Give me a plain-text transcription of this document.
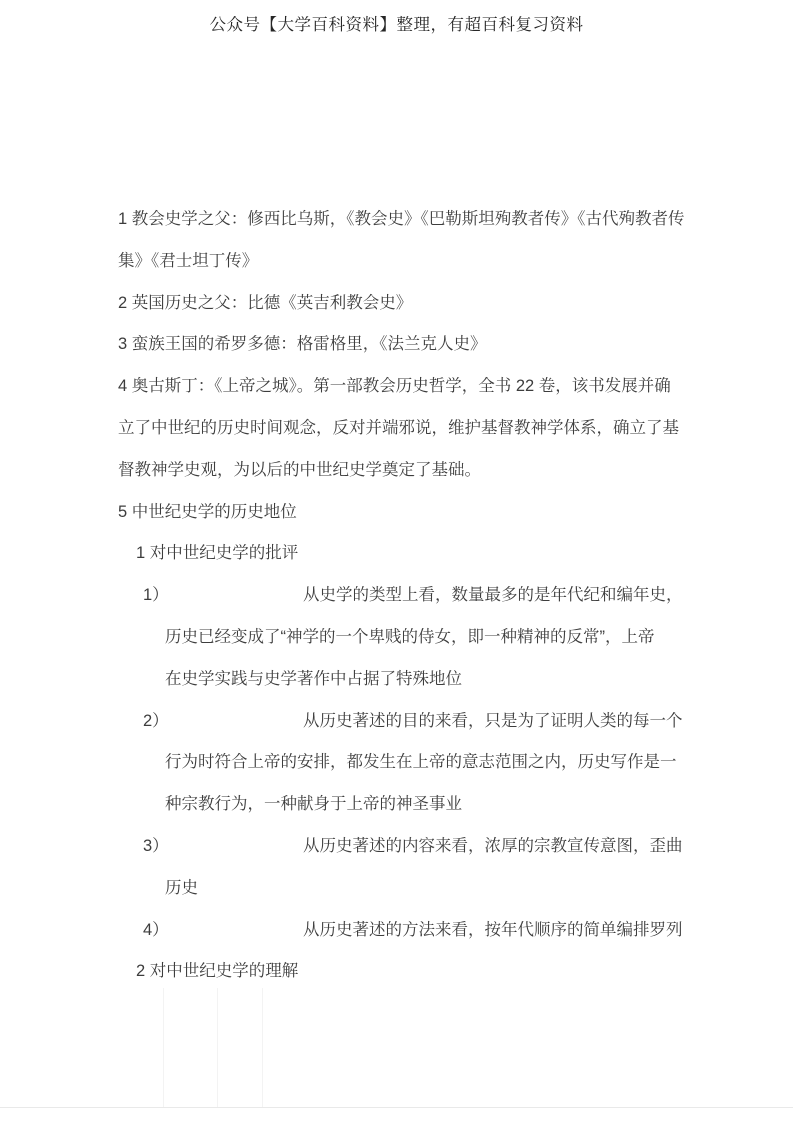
公众号【大学百科资料】整理，有超百科复习资料
1 教会史学之父：修西比乌斯，《教会史》《巴勒斯坦殉教者传》《古代殉教者传
集》《君士坦丁传》
2 英国历史之父：比德《英吉利教会史》
3 蛮族王国的希罗多德：格雷格里，《法兰克人史》
4 奥古斯丁：《上帝之城》。第一部教会历史哲学，全书 22 卷，该书发展并确
立了中世纪的历史时间观念，反对并端邪说，维护基督教神学体系，确立了基
督教神学史观，为以后的中世纪史学奠定了基础。
5 中世纪史学的历史地位
1 对中世纪史学的批评
1）	从史学的类型上看，数量最多的是年代纪和编年史，
历史已经变成了“神学的一个卑贱的侍女，即一种精神的反常”，上帝
在史学实践与史学著作中占据了特殊地位
2）	从历史著述的目的来看，只是为了证明人类的每一个
行为时符合上帝的安排，都发生在上帝的意志范围之内，历史写作是一
种宗教行为，一种献身于上帝的神圣事业
3）	从历史著述的内容来看，浓厚的宗教宣传意图，歪曲
历史
4）	从历史著述的方法来看，按年代顺序的简单编排罗列
2 对中世纪史学的理解
